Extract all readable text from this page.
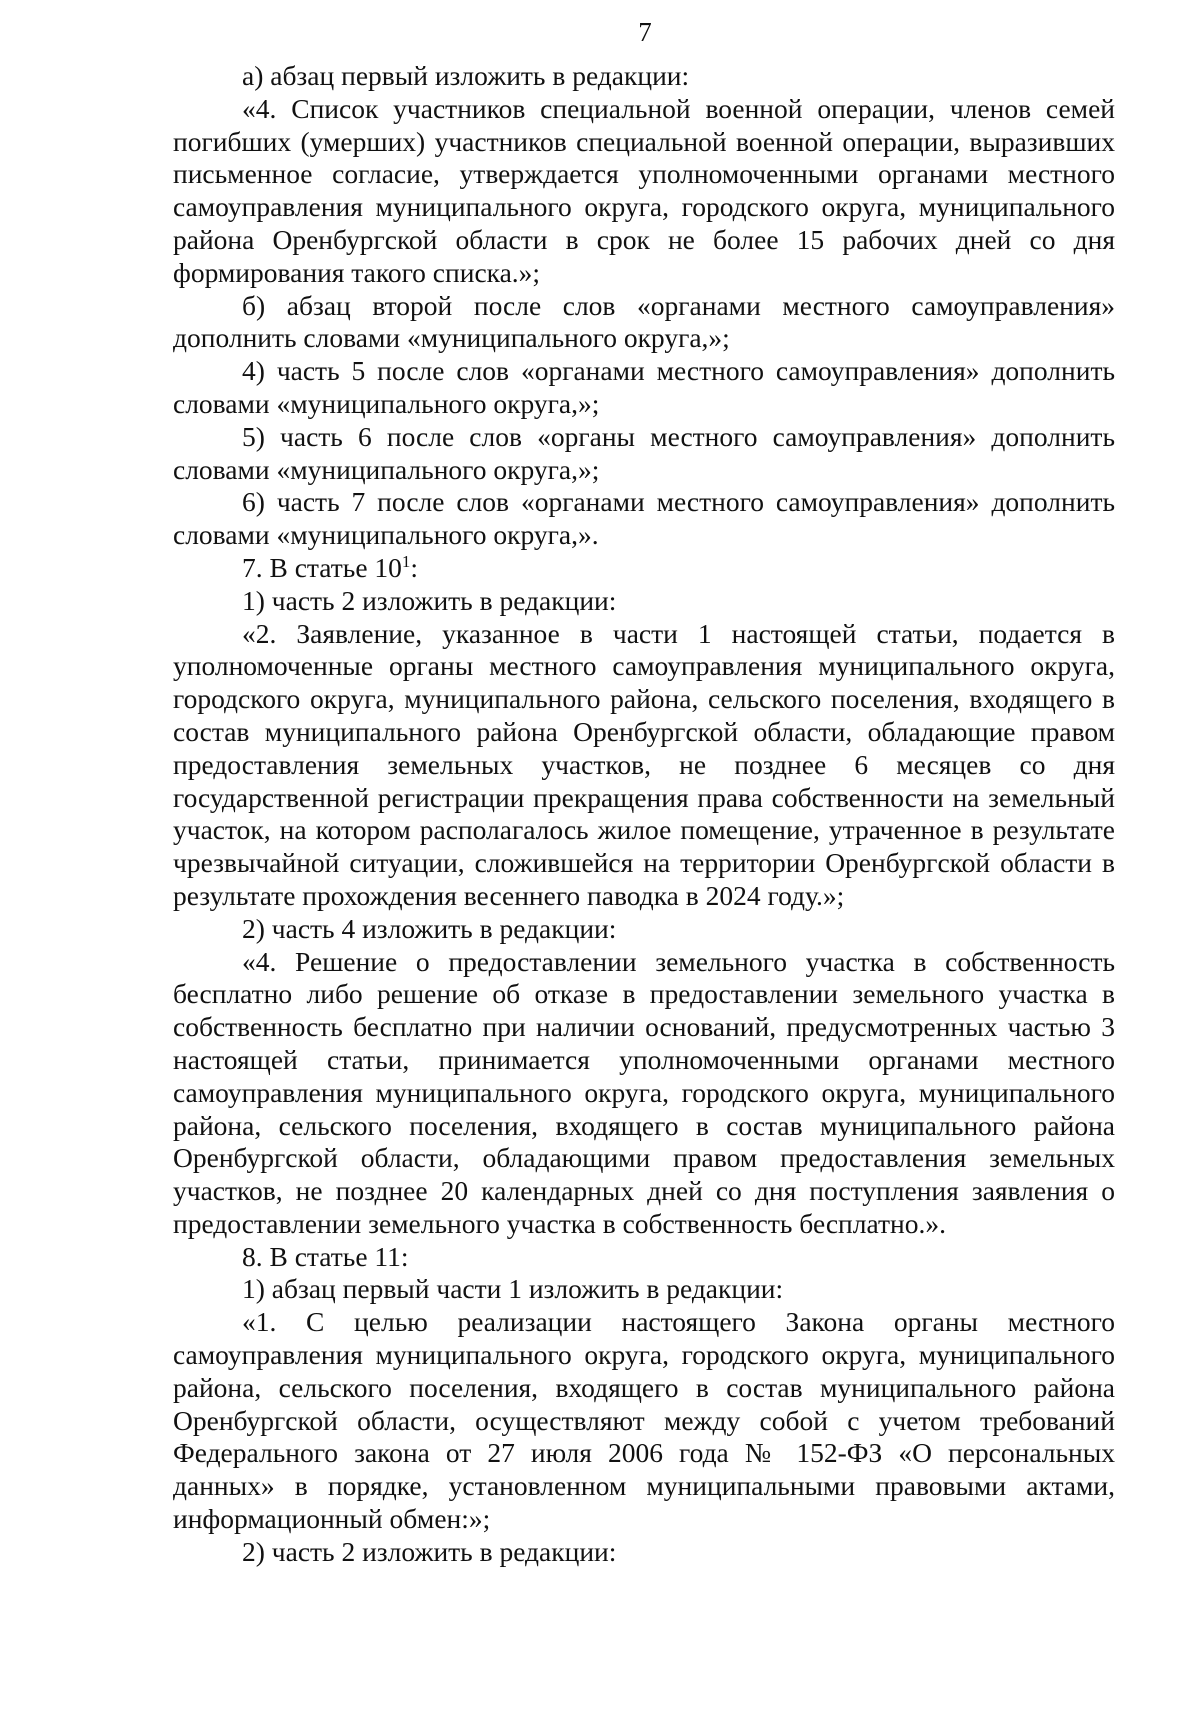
7

а) абзац первый изложить в редакции:

«4. Список участников специальной военной операции, членов семей погибших (умерших) участников специальной военной операции, выразивших письменное согласие, утверждается уполномоченными органами местного самоуправления муниципального округа, городского округа, муниципального района Оренбургской области в срок не более 15 рабочих дней со дня формирования такого списка.»;

б) абзац второй после слов «органами местного самоуправления» дополнить словами «муниципального округа,»;

4) часть 5 после слов «органами местного самоуправления» дополнить словами «муниципального округа,»;

5) часть 6 после слов «органы местного самоуправления» дополнить словами «муниципального округа,»;

6) часть 7 после слов «органами местного самоуправления» дополнить словами «муниципального округа,».

7. В статье $10^1$:

1) часть 2 изложить в редакции:

«2. Заявление, указанное в части 1 настоящей статьи, подается в уполномоченные органы местного самоуправления муниципального округа, городского округа, муниципального района, сельского поселения, входящего в состав муниципального района Оренбургской области, обладающие правом предоставления земельных участков, не позднее 6 месяцев со дня государственной регистрации прекращения права собственности на земельный участок, на котором располагалось жилое помещение, утраченное в результате чрезвычайной ситуации, сложившейся на территории Оренбургской области в результате прохождения весеннего паводка в 2024 году.»;

2) часть 4 изложить в редакции:

«4. Решение о предоставлении земельного участка в собственность бесплатно либо решение об отказе в предоставлении земельного участка в собственность бесплатно при наличии оснований, предусмотренных частью 3 настоящей статьи, принимается уполномоченными органами местного самоуправления муниципального округа, городского округа, муниципального района, сельского поселения, входящего в состав муниципального района Оренбургской области, обладающими правом предоставления земельных участков, не позднее 20 календарных дней со дня поступления заявления о предоставлении земельного участка в собственность бесплатно.».

8. В статье 11:

1) абзац первый части 1 изложить в редакции:

«1. С целью реализации настоящего Закона органы местного самоуправления муниципального округа, городского округа, муниципального района, сельского поселения, входящего в состав муниципального района Оренбургской области, осуществляют между собой с учетом требований Федерального закона от 27 июля 2006 года № 152-ФЗ «О персональных данных» в порядке, установленном муниципальными правовыми актами, информационный обмен:»;

2) часть 2 изложить в редакции:
